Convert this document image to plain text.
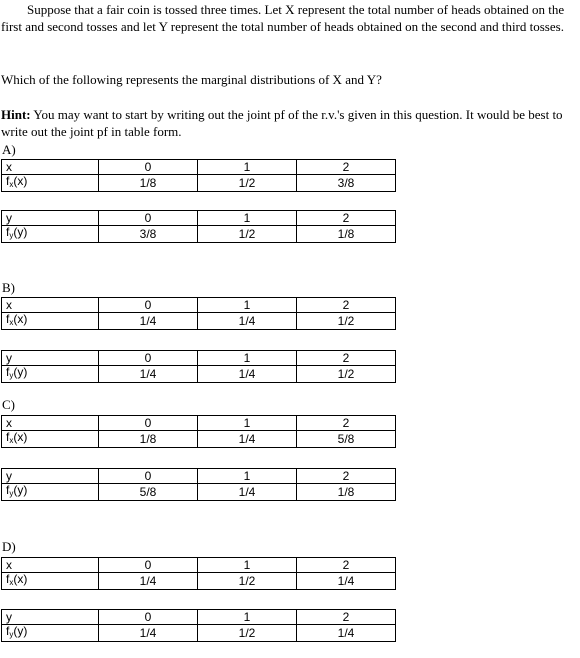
Suppose that a fair coin is tossed three times. Let X represent the total number of heads obtained on the first and second tosses and let Y represent the total number of heads obtained on the second and third tosses.

Which of the following represents the marginal distributions of X and Y?

Hint: You may want to start by writing out the joint pf of the r.v.'s given in this question. It would be best to write out the joint pf in table form.

A)
x	0	1	2
fx(x)	1/8	1/2	3/8
y	0	1	2
fy(y)	3/8	1/2	1/8
B)
x	0	1	2
fx(x)	1/4	1/4	1/2
y	0	1	2
fy(y)	1/4	1/4	1/2
C)
x	0	1	2
fx(x)	1/8	1/4	5/8
y	0	1	2
fy(y)	5/8	1/4	1/8
D)
x	0	1	2
fx(x)	1/4	1/2	1/4
y	0	1	2
fy(y)	1/4	1/2	1/4
